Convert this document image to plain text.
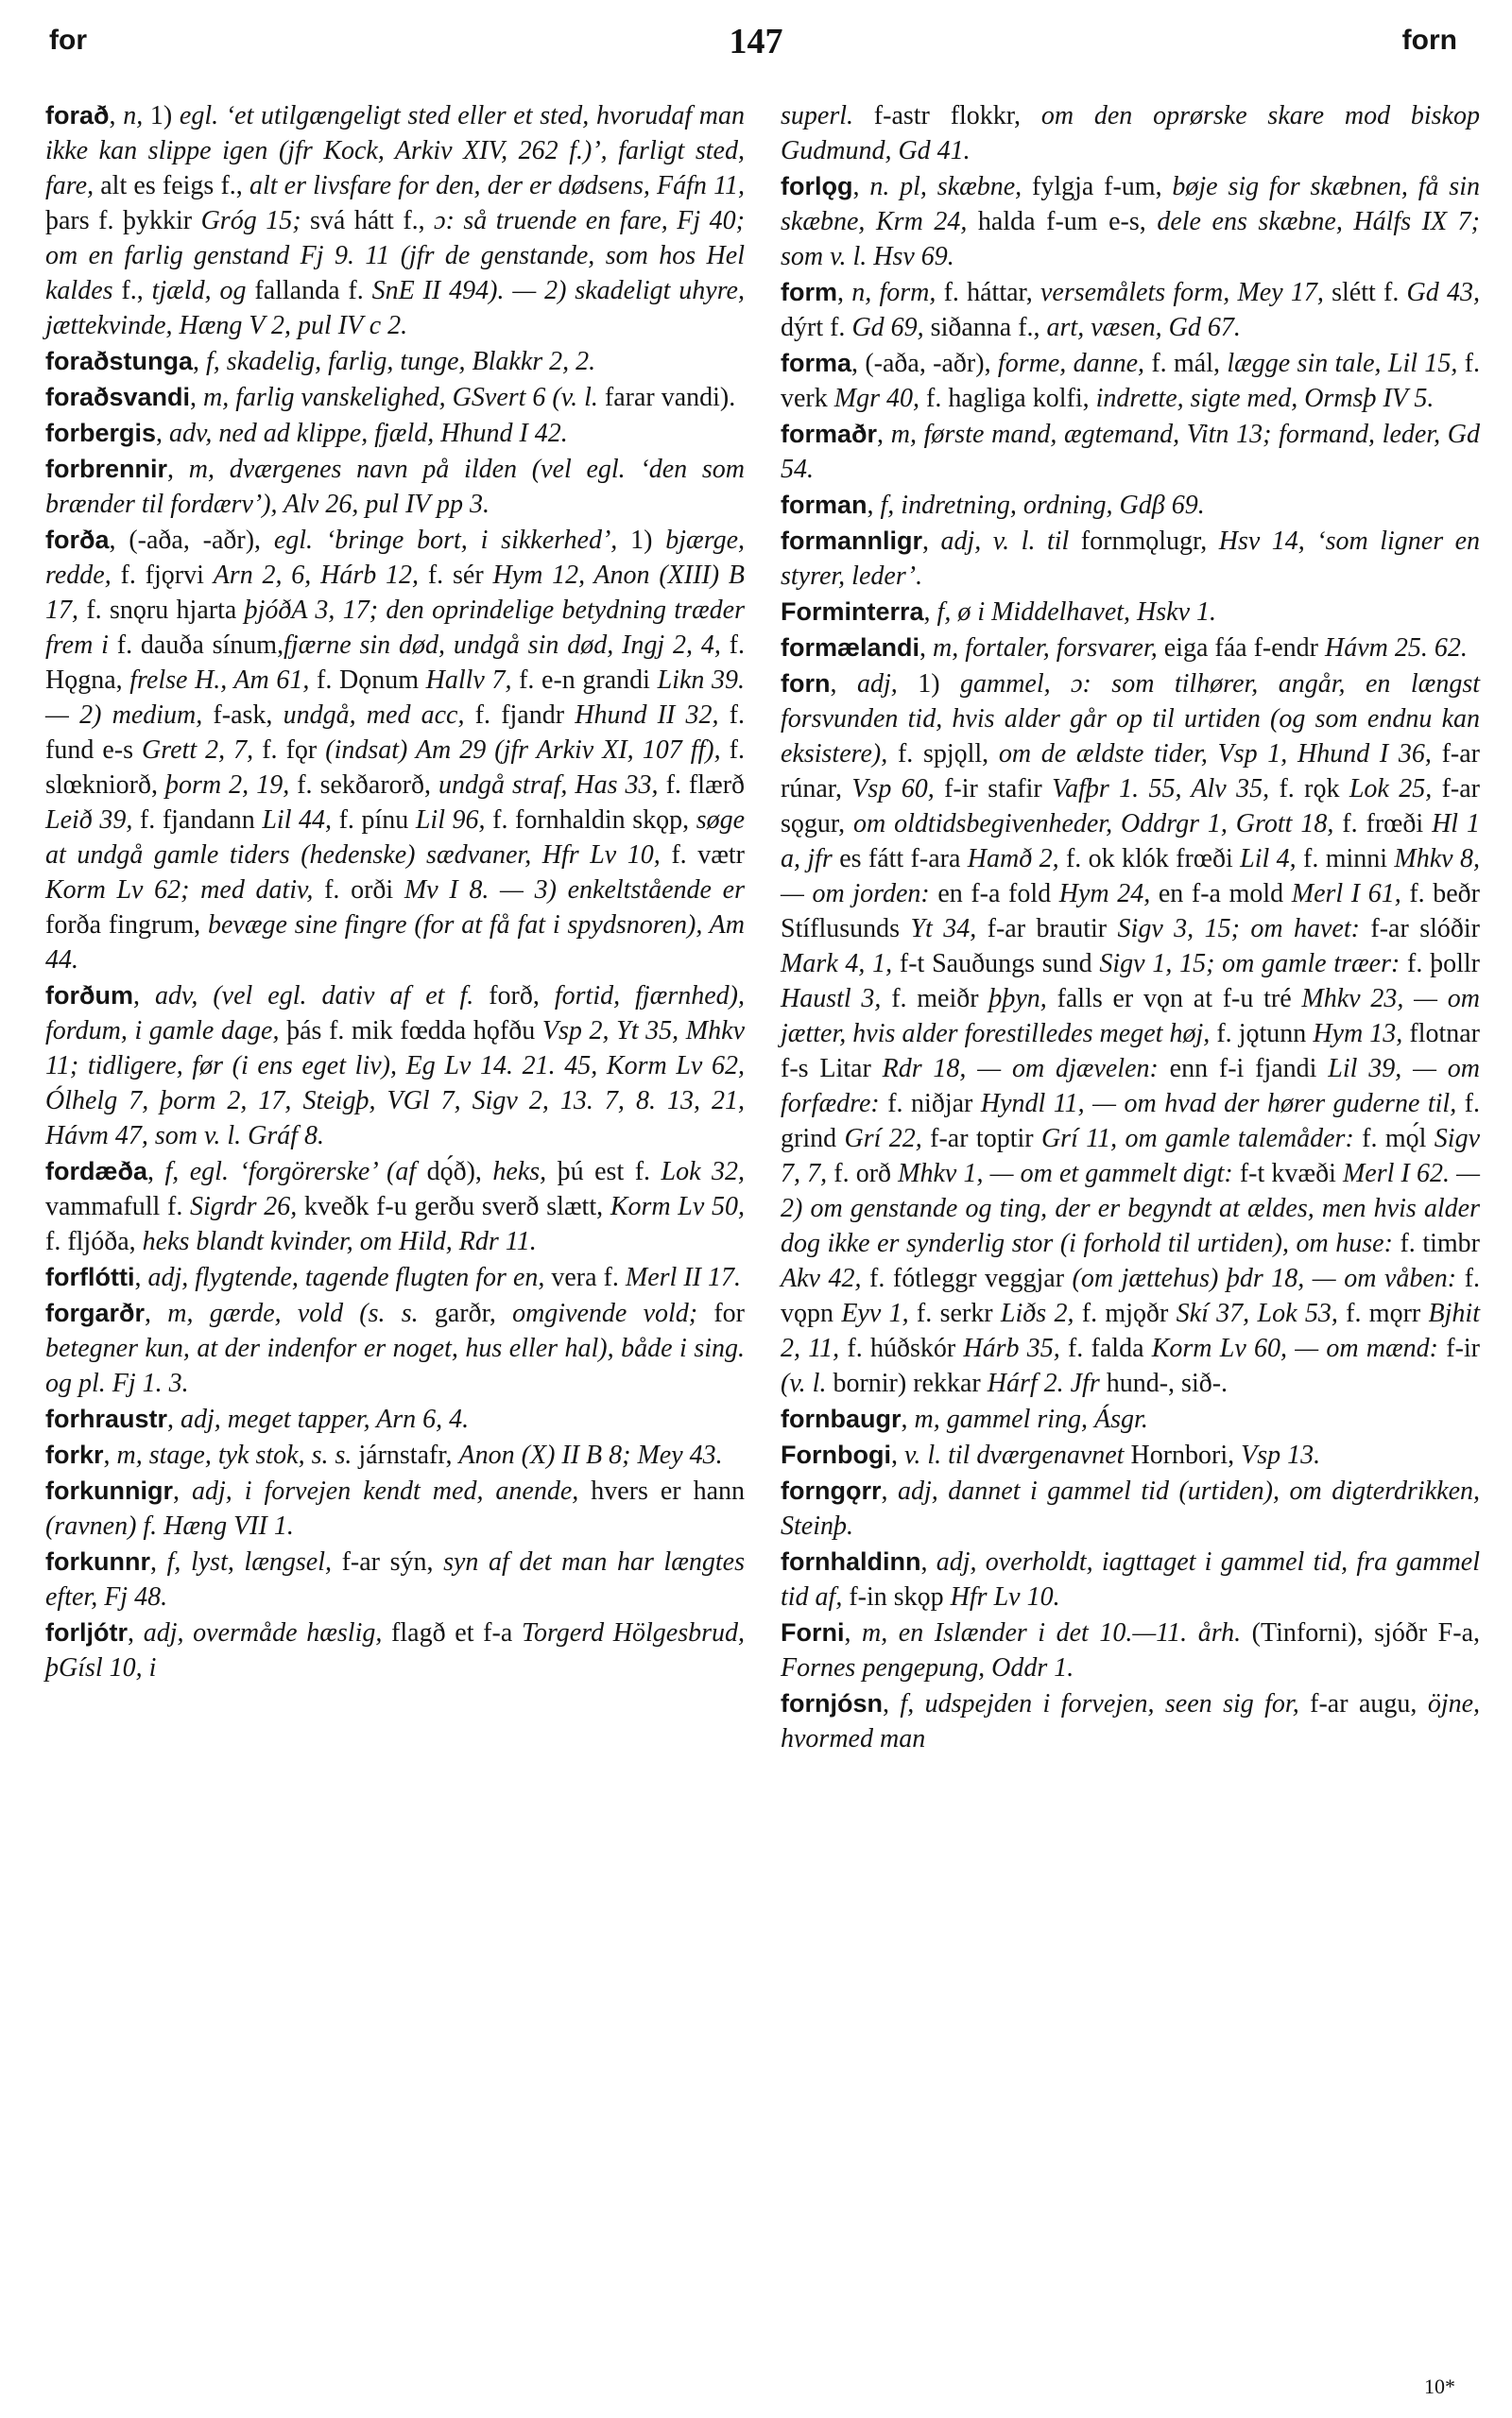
for	147	forn
forað, n, 1) egl. ‘et utilgængeligt sted eller et sted, hvorudaf man ikke kan slippe igen (jfr Kock, Arkiv XIV, 262 f.)’, farligt sted, fare, alt es feigs f., alt er livsfare for den, der er dødsens, Fáfn 11, þars f. þykkir Gróg 15; svá hátt f., ɔ: så truende en fare, Fj 40; om en farlig genstand Fj 9. 11 (jfr de genstande, som hos Hel kaldes f., tjæld, og fallanda f. SnE II 494). — 2) skadeligt uhyre, jættekvinde, Hæng V 2, pul IV c 2.
foraðstunga, f, skadelig, farlig, tunge, Blakkr 2, 2.
foraðsvandi, m, farlig vanskelighed, GSvert 6 (v. l. farar vandi).
forbergis, adv, ned ad klippe, fjæld, Hhund I 42.
forbrennir, m, dværgenes navn på ilden (vel egl. ‘den som brænder til fordærv’), Alv 26, pul IV pp 3.
forða, (-aða, -aðr), egl. ‘bringe bort, i sikkerhed’, 1) bjærge, redde, f. fjǫrvi Arn 2, 6, Hárb 12, f. sér Hym 12, Anon (XIII) B 17, f. snǫru hjarta þjóðA 3, 17; den oprindelige betydning træder frem i f. dauða sínum,fjærne sin død, undgå sin død, Ingj 2, 4, f. Hǫgna, frelse H., Am 61, f. Dǫnum Hallv 7, f. e-n grandi Likn 39. — 2) medium, f-ask, undgå, med acc, f. fjandr Hhund II 32, f. fund e-s Grett 2, 7, f. fǫr (indsat) Am 29 (jfr Arkiv XI, 107 ff), f. slœkniorð, þorm 2, 19, f. sekðarorð, undgå straf, Has 33, f. flærð Leið 39, f. fjandann Lil 44, f. pínu Lil 96, f. fornhaldin skǫp, søge at undgå gamle tiders (hedenske) sædvaner, Hfr Lv 10, f. vætr Korm Lv 62; med dativ, f. orði Mv I 8. — 3) enkeltstående er forða fingrum, bevæge sine fingre (for at få fat i spydsnoren), Am 44.
forðum, adv, (vel egl. dativ af et f. forð, fortid, fjærnhed), fordum, i gamle dage, þás f. mik fœdda hǫfðu Vsp 2, Yt 35, Mhkv 11; tidligere, før (i ens eget liv), Eg Lv 14. 21. 45, Korm Lv 62, Ólhelg 7, þorm 2, 17, Steigþ, VGl 7, Sigv 2, 13. 7, 8. 13, 21, Hávm 47, som v. l. Gráf 8.
fordæða, f, egl. ‘forgörerske’ (af dǫ́ð), heks, þú est f. Lok 32, vammafull f. Sigrdr 26, kveðk f-u gerðu sverð slætt, Korm Lv 50, f. fljóða, heks blandt kvinder, om Hild, Rdr 11.
forflótti, adj, flygtende, tagende flugten for en, vera f. Merl II 17.
forgarðr, m, gærde, vold (s. s. garðr, omgivende vold; for betegner kun, at der indenfor er noget, hus eller hal), både i sing. og pl. Fj 1. 3.
forhraustr, adj, meget tapper, Arn 6, 4.
forkr, m, stage, tyk stok, s. s. járnstafr, Anon (X) II B 8; Mey 43.
forkunnigr, adj, i forvejen kendt med, anende, hvers er hann (ravnen) f. Hæng VII 1.
forkunnr, f, lyst, længsel, f-ar sýn, syn af det man har længtes efter, Fj 48.
forljótr, adj, overmåde hæslig, flagð et f-a Torgerd Hölgesbrud, þGísl 10, i
superl. f-astr flokkr, om den oprørske skare mod biskop Gudmund, Gd 41.
forlǫg, n. pl, skæbne, fylgja f-um, bøje sig for skæbnen, få sin skæbne, Krm 24, halda f-um e-s, dele ens skæbne, Hálfs IX 7; som v. l. Hsv 69.
form, n, form, f. háttar, versemålets form, Mey 17, slétt f. Gd 43, dýrt f. Gd 69, siðanna f., art, væsen, Gd 67.
forma, (-aða, -aðr), forme, danne, f. mál, lægge sin tale, Lil 15, f. verk Mgr 40, f. hagliga kolfi, indrette, sigte med, Ormsþ IV 5.
formaðr, m, første mand, ægtemand, Vitn 13; formand, leder, Gd 54.
forman, f, indretning, ordning, Gdβ 69.
formannligr, adj, v. l. til fornmǫlugr, Hsv 14, ‘som ligner en styrer, leder’.
Forminterra, f, ø i Middelhavet, Hskv 1.
formælandi, m, fortaler, forsvarer, eiga fáa f-endr Hávm 25. 62.
forn, adj, 1) gammel, ɔ: som tilhører, angår, en længst forsvunden tid, hvis alder går op til urtiden (og som endnu kan eksistere), f. spjǫll, om de ældste tider, Vsp 1, Hhund I 36, f-ar rúnar, Vsp 60, f-ir stafir Vafþr 1. 55, Alv 35, f. rǫk Lok 25, f-ar sǫgur, om oldtidsbegivenheder, Oddrgr 1, Grott 18, f. frœði Hl 1 a, jfr es fátt f-ara Hamð 2, f. ok klók frœði Lil 4, f. minni Mhkv 8, — om jorden: en f-a fold Hym 24, en f-a mold Merl I 61, f. beðr Stíflusunds Yt 34, f-ar brautir Sigv 3, 15; om havet: f-ar slóðir Mark 4, 1, f-t Sauðungs sund Sigv 1, 15; om gamle træer: f. þollr Haustl 3, f. meiðr þþyn, falls er vǫn at f-u tré Mhkv 23, — om jætter, hvis alder forestilledes meget høj, f. jǫtunn Hym 13, flotnar f-s Litar Rdr 18, — om djævelen: enn f-i fjandi Lil 39, — om forfædre: f. niðjar Hyndl 11, — om hvad der hører guderne til, f. grind Grí 22, f-ar toptir Grí 11, om gamle talemåder: f. mǫ́l Sigv 7, 7, f. orð Mhkv 1, — om et gammelt digt: f-t kvæði Merl I 62. — 2) om genstande og ting, der er begyndt at ældes, men hvis alder dog ikke er synderlig stor (i forhold til urtiden), om huse: f. timbr Akv 42, f. fótleggr veggjar (om jættehus) þdr 18, — om våben: f. vǫpn Eyv 1, f. serkr Liðs 2, f. mjǫðr Skí 37, Lok 53, f. mǫrr Bjhit 2, 11, f. húðskór Hárb 35, f. falda Korm Lv 60, — om mænd: f-ir (v. l. bornir) rekkar Hárf 2. Jfr hund-, sið-.
fornbaugr, m, gammel ring, Ásgr.
Fornbogi, v. l. til dværgenavnet Hornbori, Vsp 13.
forngǫrr, adj, dannet i gammel tid (urtiden), om digterdrikken, Steinþ.
fornhaldinn, adj, overholdt, iagttaget i gammel tid, fra gammel tid af, f-in skǫp Hfr Lv 10.
Forni, m, en Islænder i det 10.—11. årh. (Tinforni), sjóðr F-a, Fornes pengepung, Oddr 1.
fornjósn, f, udspejden i forvejen, seen sig for, f-ar augu, öjne, hvormed man
10*
